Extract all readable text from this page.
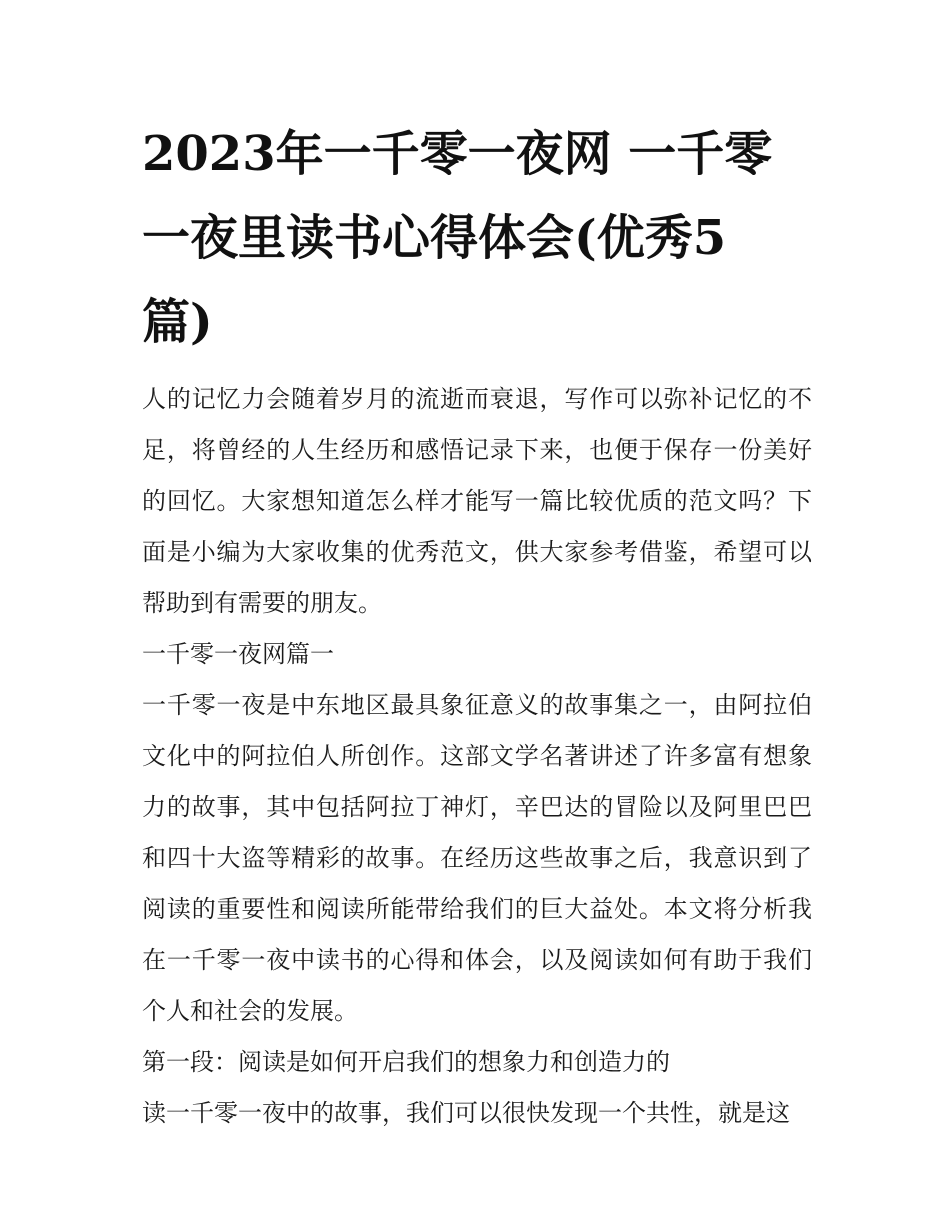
2023年一千零一夜网 一千零一夜里读书心得体会(优秀5篇)

人的记忆力会随着岁月的流逝而衰退，写作可以弥补记忆的不足，将曾经的人生经历和感悟记录下来，也便于保存一份美好的回忆。大家想知道怎么样才能写一篇比较优质的范文吗？下面是小编为大家收集的优秀范文，供大家参考借鉴，希望可以帮助到有需要的朋友。

一千零一夜网篇一

一千零一夜是中东地区最具象征意义的故事集之一，由阿拉伯文化中的阿拉伯人所创作。这部文学名著讲述了许多富有想象力的故事，其中包括阿拉丁神灯，辛巴达的冒险以及阿里巴巴和四十大盗等精彩的故事。在经历这些故事之后，我意识到了阅读的重要性和阅读所能带给我们的巨大益处。本文将分析我在一千零一夜中读书的心得和体会，以及阅读如何有助于我们个人和社会的发展。

第一段：阅读是如何开启我们的想象力和创造力的

读一千零一夜中的故事，我们可以很快发现一个共性，就是这
